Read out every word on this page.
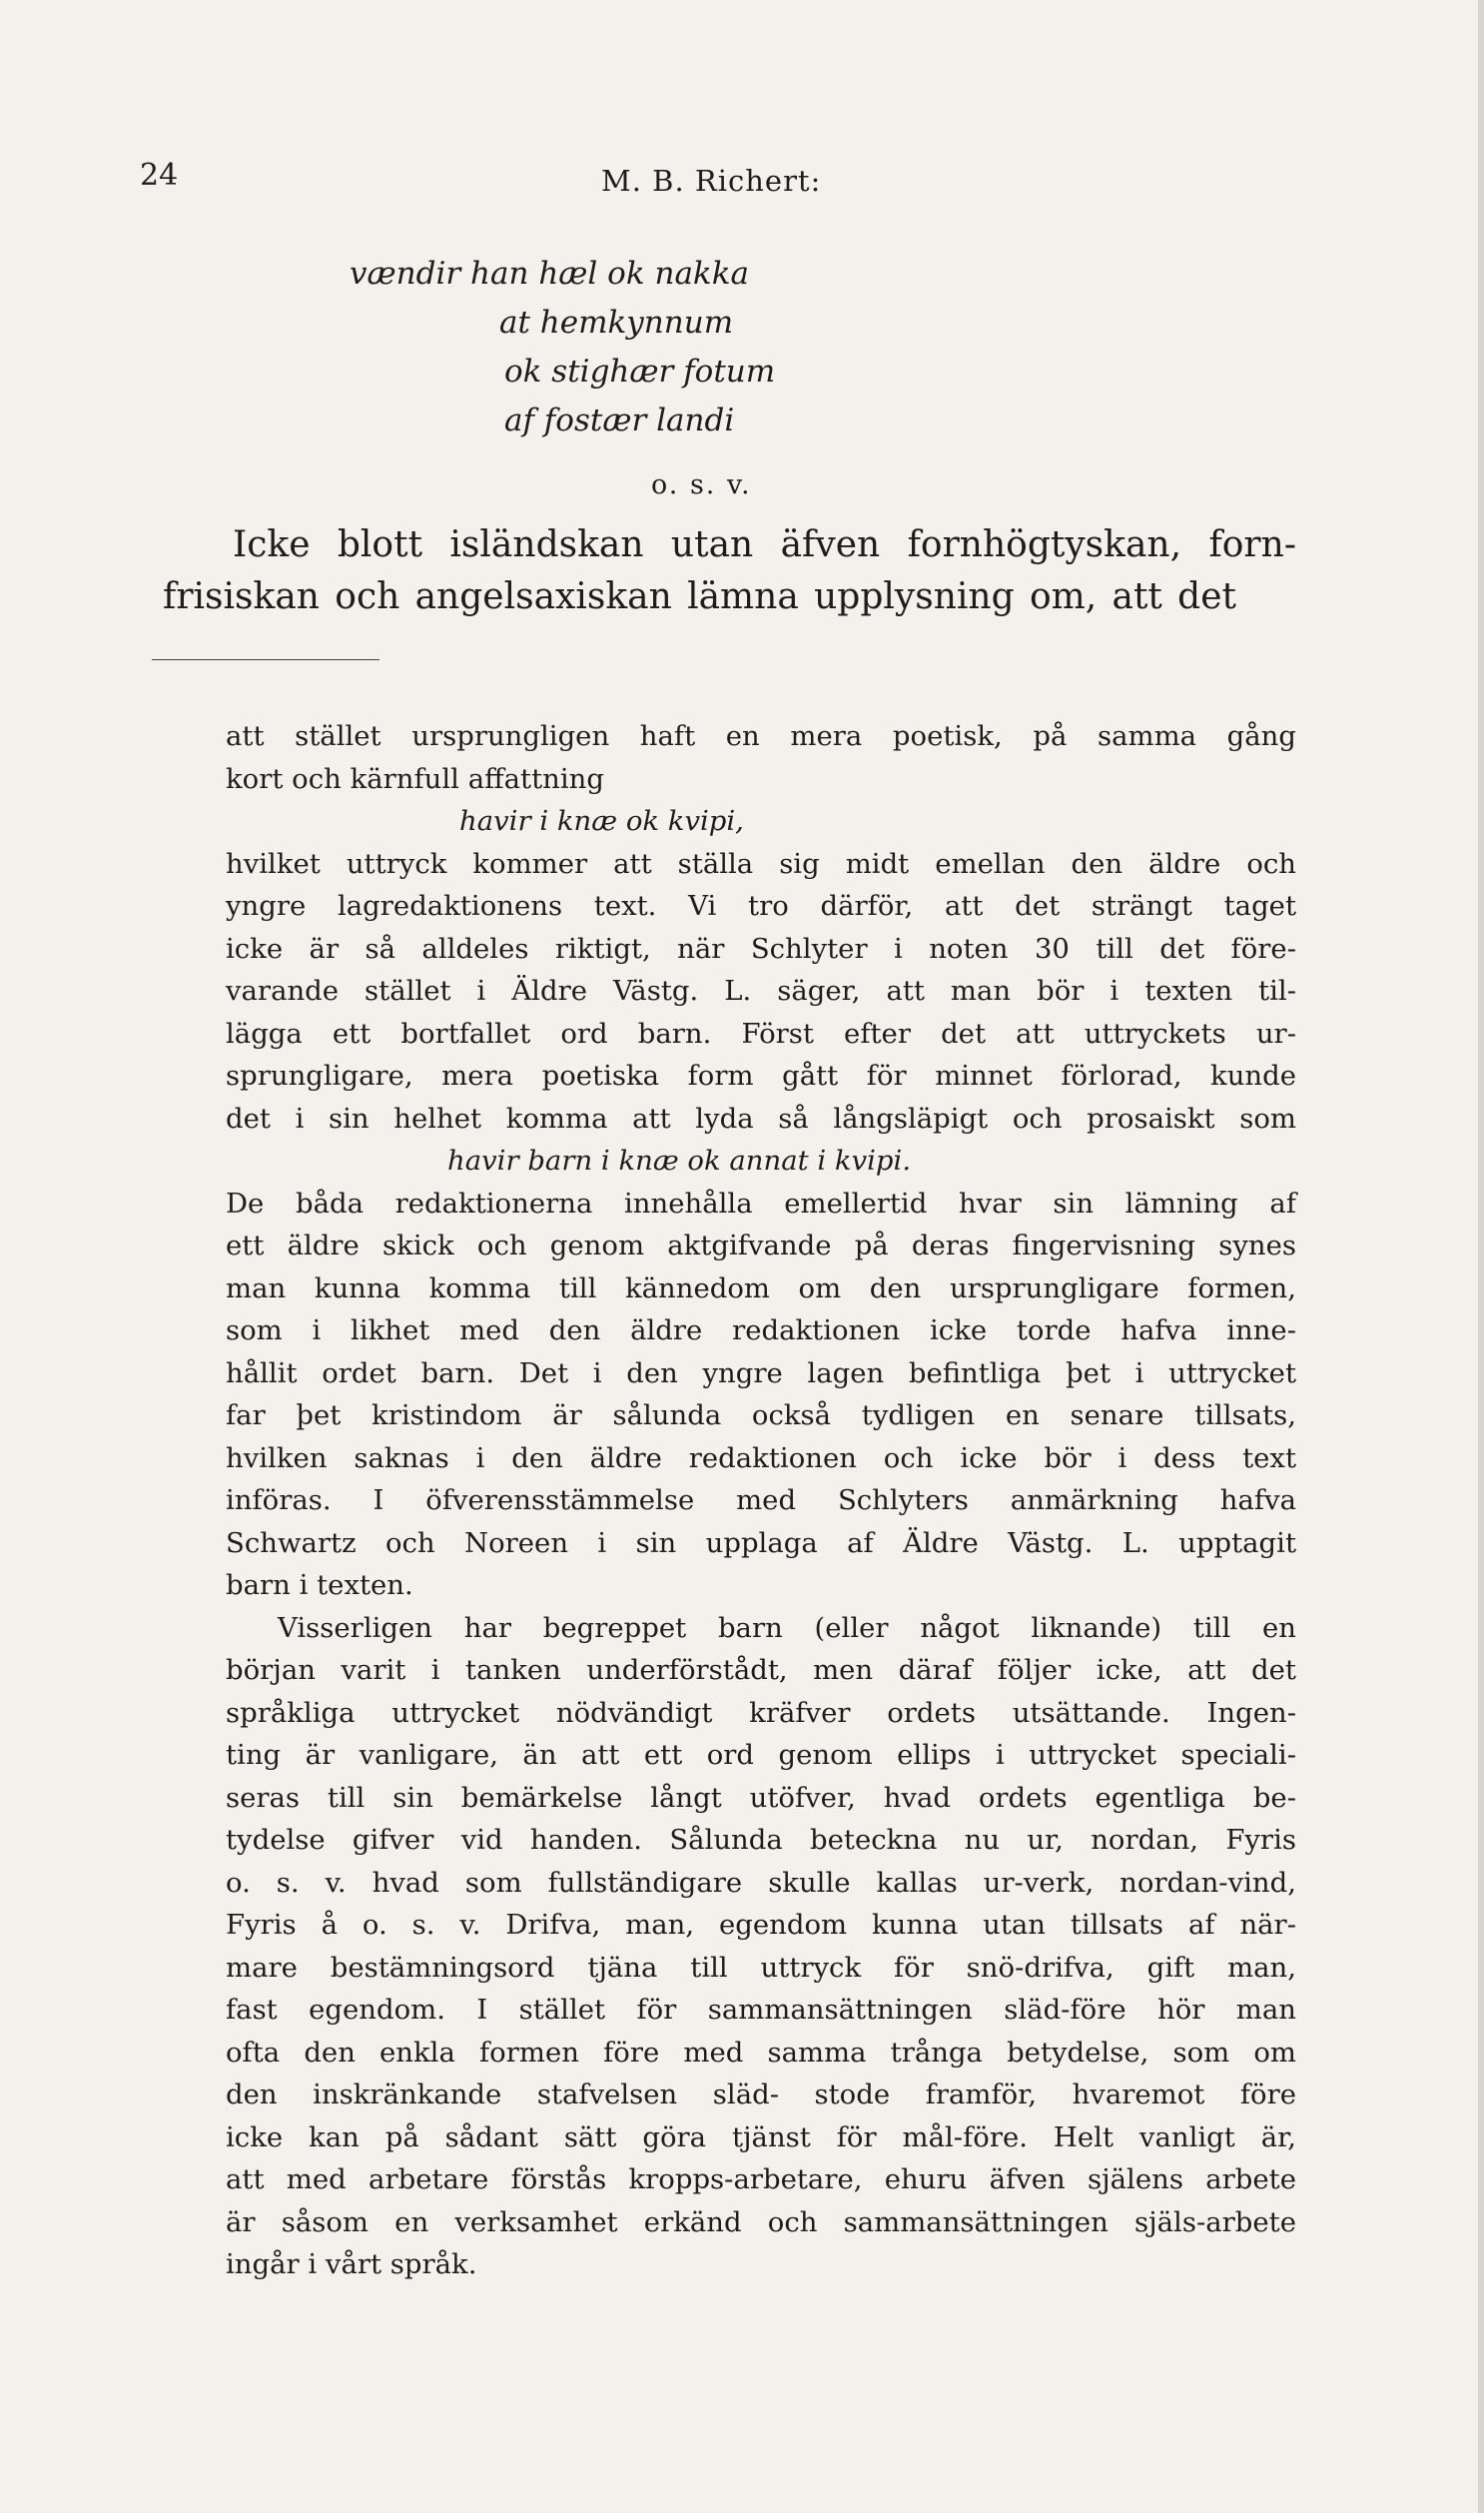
24	M. B. Richert:
vændir han hæl ok nakka
at hemkynnum
ok stighær fotum
af fostær landi
o. s. v.
Icke blott isländskan utan äfven fornhögtyskan, forn-
frisiskan och angelsaxiskan lämna upplysning om, att det
att stället ursprungligen haft en mera poetisk, på samma gång
kort och kärnfull affattning
havir i knæ ok kvipi,
hvilket uttryck kommer att ställa sig midt emellan den äldre och
yngre lagredaktionens text. Vi tro därför, att det strängt taget
icke är så alldeles riktigt, när Schlyter i noten 30 till det före-
varande stället i Äldre Västg. L. säger, att man bör i texten til-
lägga ett bortfallet ord barn. Först efter det att uttryckets ur-
sprungligare, mera poetiska form gått för minnet förlorad, kunde
det i sin helhet komma att lyda så långsläpigt och prosaiskt som
havir barn i knæ ok annat i kvipi.
De båda redaktionerna innehålla emellertid hvar sin lämning af
ett äldre skick och genom aktgifvande på deras fingervisning synes
man kunna komma till kännedom om den ursprungligare formen,
som i likhet med den äldre redaktionen icke torde hafva inne-
hållit ordet barn. Det i den yngre lagen befintliga þet i uttrycket
far þet kristindom är sålunda också tydligen en senare tillsats,
hvilken saknas i den äldre redaktionen och icke bör i dess text
införas. I öfverensstämmelse med Schlyters anmärkning hafva
Schwartz och Noreen i sin upplaga af Äldre Västg. L. upptagit
barn i texten.
Visserligen har begreppet barn (eller något liknande) till en
början varit i tanken underförstådt, men däraf följer icke, att det
språkliga uttrycket nödvändigt kräfver ordets utsättande. Ingen-
ting är vanligare, än att ett ord genom ellips i uttrycket speciali-
seras till sin bemärkelse långt utöfver, hvad ordets egentliga be-
tydelse gifver vid handen. Sålunda beteckna nu ur, nordan, Fyris
o. s. v. hvad som fullständigare skulle kallas ur-verk, nordan-vind,
Fyris å o. s. v. Drifva, man, egendom kunna utan tillsats af när-
mare bestämningsord tjäna till uttryck för snö-drifva, gift man,
fast egendom. I stället för sammansättningen släd-före hör man
ofta den enkla formen före med samma trånga betydelse, som om
den inskränkande stafvelsen släd- stode framför, hvaremot före
icke kan på sådant sätt göra tjänst för mål-före. Helt vanligt är,
att med arbetare förstås kropps-arbetare, ehuru äfven själens arbete
är såsom en verksamhet erkänd och sammansättningen själs-arbete
ingår i vårt språk.
